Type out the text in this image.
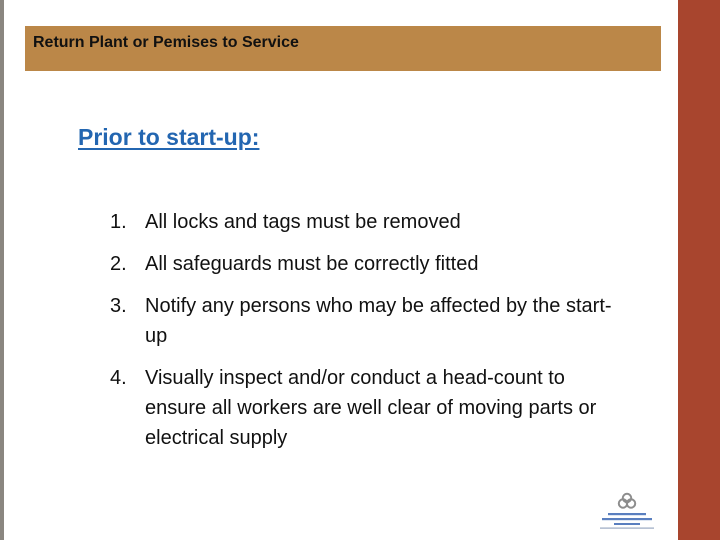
Return Plant or Pemises to Service
Prior to start-up:
1. All locks and tags must be removed
2. All safeguards must be correctly fitted
3. Notify any persons who may be affected by the start-up
4. Visually inspect and/or conduct a head-count to ensure all workers are well clear of moving parts or electrical supply
